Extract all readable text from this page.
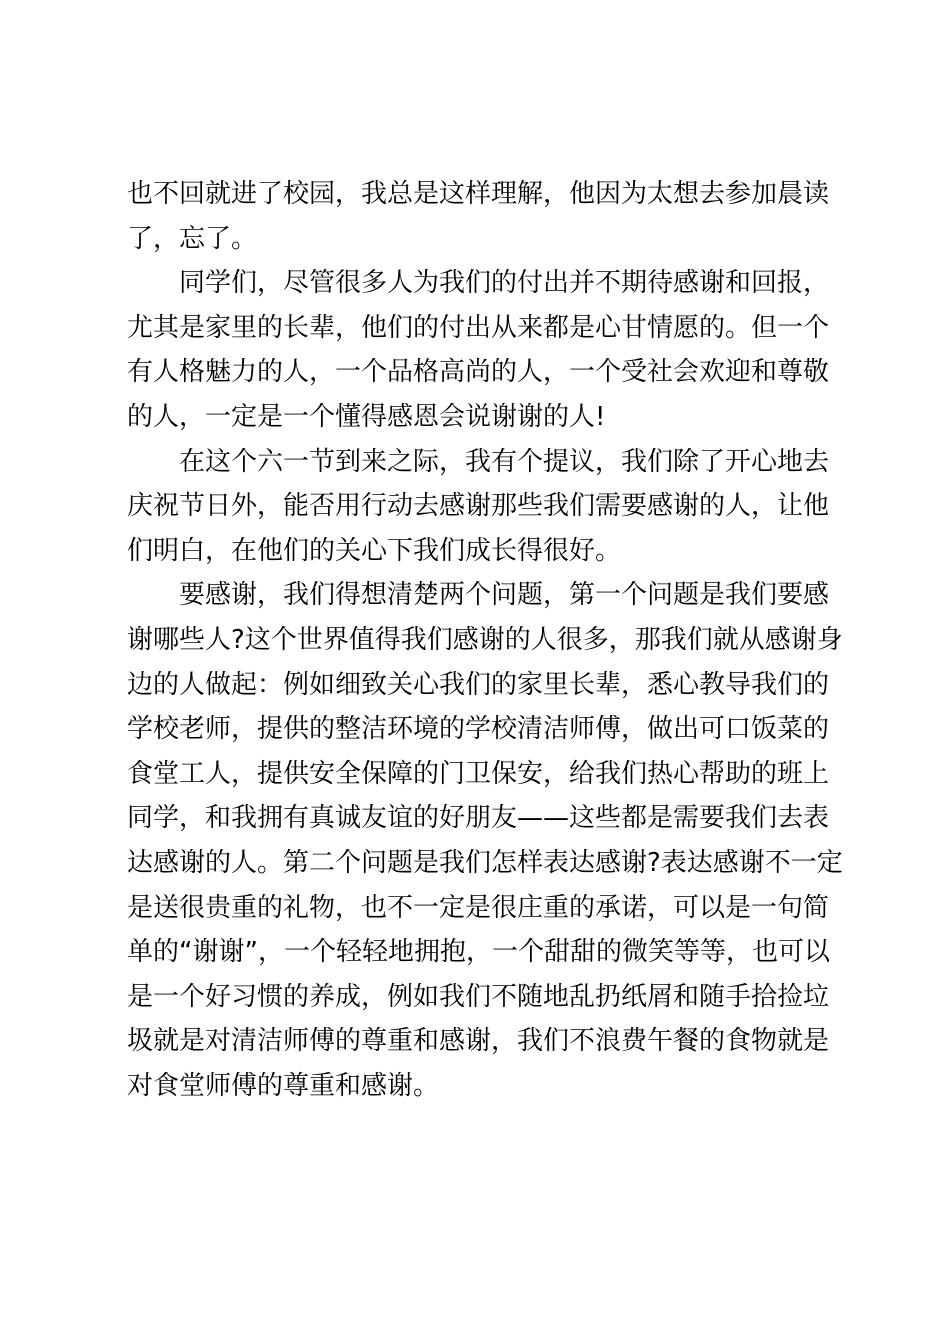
也不回就进了校园，我总是这样理解，他因为太想去参加晨读
了，忘了。
同学们，尽管很多人为我们的付出并不期待感谢和回报，
尤其是家里的长辈，他们的付出从来都是心甘情愿的。但一个
有人格魅力的人，一个品格高尚的人，一个受社会欢迎和尊敬
的人，一定是一个懂得感恩会说谢谢的人!
在这个六一节到来之际，我有个提议，我们除了开心地去
庆祝节日外，能否用行动去感谢那些我们需要感谢的人，让他
们明白，在他们的关心下我们成长得很好。
要感谢，我们得想清楚两个问题，第一个问题是我们要感
谢哪些人?这个世界值得我们感谢的人很多，那我们就从感谢身
边的人做起：例如细致关心我们的家里长辈，悉心教导我们的
学校老师，提供的整洁环境的学校清洁师傅，做出可口饭菜的
食堂工人，提供安全保障的门卫保安，给我们热心帮助的班上
同学，和我拥有真诚友谊的好朋友——这些都是需要我们去表
达感谢的人。第二个问题是我们怎样表达感谢?表达感谢不一定
是送很贵重的礼物，也不一定是很庄重的承诺，可以是一句简
单的“谢谢”，一个轻轻地拥抱，一个甜甜的微笑等等，也可以
是一个好习惯的养成，例如我们不随地乱扔纸屑和随手拾捡垃
圾就是对清洁师傅的尊重和感谢，我们不浪费午餐的食物就是
对食堂师傅的尊重和感谢。
